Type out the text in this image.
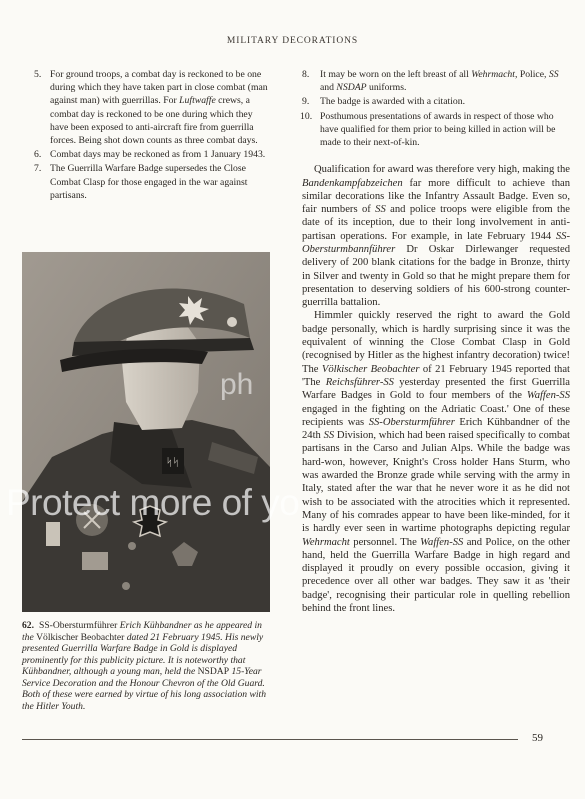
MILITARY DECORATIONS
5. For ground troops, a combat day is reckoned to be one during which they have taken part in close combat (man against man) with guerrillas. For Luftwaffe crews, a combat day is reckoned to be one during which they have been exposed to anti-aircraft fire from guerrilla forces. Being shot down counts as three combat days.
6. Combat days may be reckoned as from 1 January 1943.
7. The Guerrilla Warfare Badge supersedes the Close Combat Clasp for those engaged in the war against partisans.
ᛋᛋ
Protect more of yo
ph
62. SS-Obersturmführer Erich Kühbandner as he appeared in the Völkischer Beobachter dated 21 February 1945. His newly presented Guerrilla Warfare Badge in Gold is displayed prominently for this publicity picture. It is noteworthy that Kühbandner, although a young man, held the NSDAP 15-Year Service Decoration and the Honour Chevron of the Old Guard. Both of these were earned by virtue of his long association with the Hitler Youth.
8. It may be worn on the left breast of all Wehrmacht, Police, SS and NSDAP uniforms.
9. The badge is awarded with a citation.
10. Posthumous presentations of awards in respect of those who have qualified for them prior to being killed in action will be made to their next-of-kin.

Qualification for award was therefore very high, making the Bandenkampfabzeichen far more difficult to achieve than similar decorations like the Infantry Assault Badge. Even so, fair numbers of SS and police troops were eligible from the date of its inception, due to their long involvement in anti-partisan operations. For example, in late February 1944 SS-Obersturmbannführer Dr Oskar Dirlewanger requested delivery of 200 blank citations for the badge in Bronze, thirty in Silver and twenty in Gold so that he might prepare them for presentation to deserving soldiers of his 600-strong counter-guerrilla battalion.

Himmler quickly reserved the right to award the Gold badge personally, which is hardly surprising since it was the equivalent of winning the Close Combat Clasp in Gold (recognised by Hitler as the highest infantry decoration) twice! The Völkischer Beobachter of 21 February 1945 reported that 'The Reichsführer-SS yesterday presented the first Guerrilla Warfare Badges in Gold to four members of the Waffen-SS engaged in the fighting on the Adriatic Coast.' One of these recipients was SS-Obersturmführer Erich Kühbandner of the 24th SS Division, which had been raised specifically to combat partisans in the Carso and Julian Alps. While the badge was hard-won, however, Knight's Cross holder Hans Sturm, who was awarded the Bronze grade while serving with the army in Italy, stated after the war that he never wore it as he did not wish to be associated with the atrocities which it represented. Many of his comrades appear to have been like-minded, for it is hardly ever seen in wartime photographs depicting regular Wehrmacht personnel. The Waffen-SS and Police, on the other hand, held the Guerrilla Warfare Badge in high regard and displayed it proudly on every possible occasion, giving it precedence over all other war badges. They saw it as 'their badge', recognising their particular role in quelling rebellion behind the front lines.

59
